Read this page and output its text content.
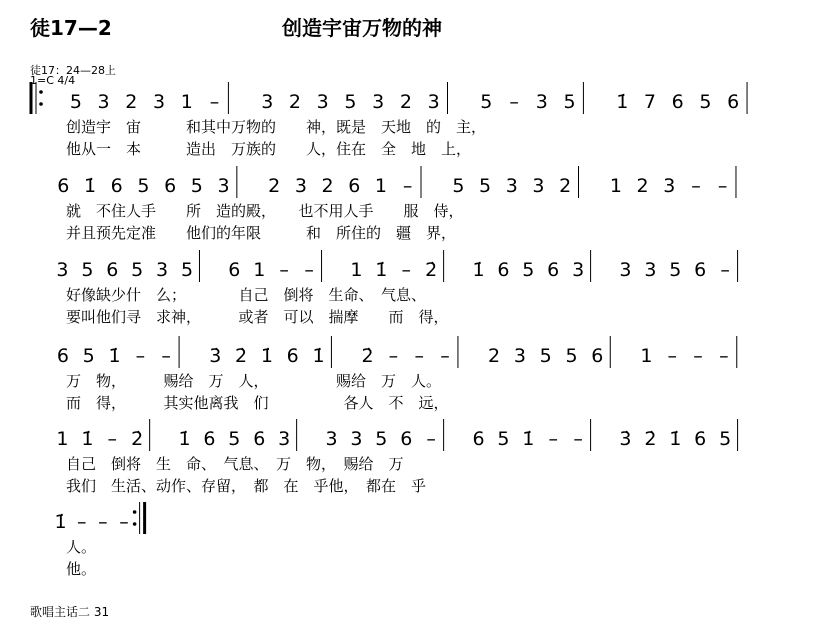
徒17—2	创造宇宙万物的神
徒17：24—28上
1=C 4/4
5 3 2 3 1 – 3 2 3 5 3 2 3 5 – 3 5 1̇ 7 6 5 6
创造宇　宙　　　和其中万物的　　神，既是　天地　的　主，
他从一　本　　　造出　万族的　　人，住在　全　地　上，
6 1̇ 6 5 6 5 3 2 3 2 6 1 – 5 5 3 3 2 1 2 3 – –
就　不住人手　　所　造的殿，　　也不用人手　　服　侍，
并且预先定准　　他们的年限　　　和　所住的　疆　界，
3 5 6 5 3 5 6 1 – – 1 1̇ – 2̇ 1̇ 6 5 6 3 3 3 5 6 –
好像缺少什　么；　　　　自己　倒将　生命、　气息、
要叫他们寻　求神，　　　或者　可以　揣摩　　而　得，
6 5 1̇ – – 3̇ 2̇ 1̇ 6 1̇ 2̇ – – – 2 3 5 5 6 1 – – –
万　物，　　　赐给　万　人，　　　　　赐给　万　人。
而　得，　　　其实他离我　们　　　　　各人　不　远，
1 1̇ – 2̇ 1̇ 6 5 6 3 3 3 5 6 – 6 5 1̇ – – 3̇ 2̇ 1̇ 6 5
自己　倒将　生　命、　气息、　万　物，　赐给　万
我们　生活、动作、存留，　都　在　乎他，　都在　乎
1̇ – – –
人。
他。
歌唱主话二 31
